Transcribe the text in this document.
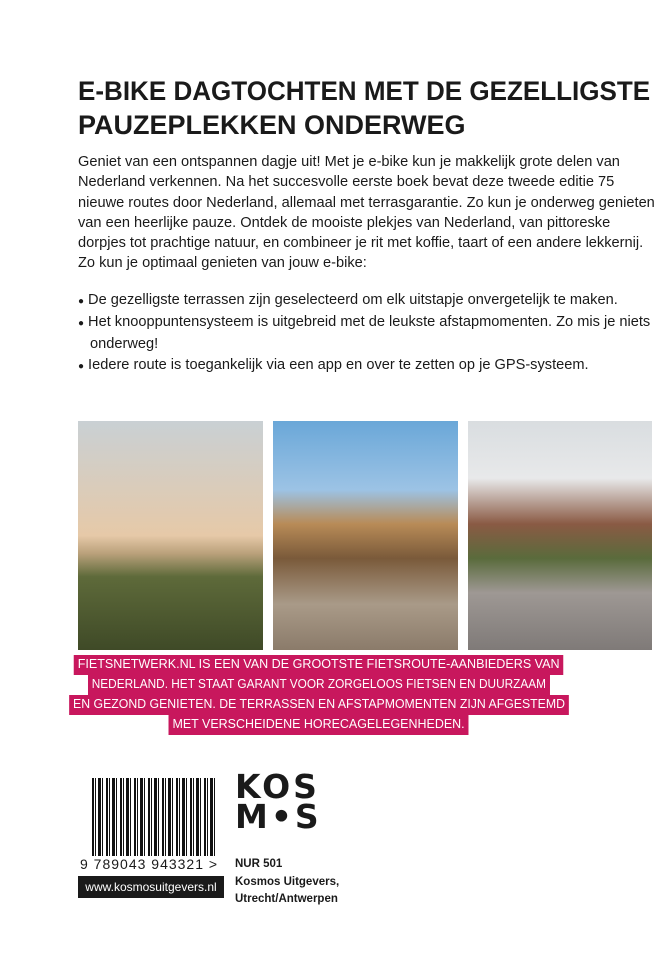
E-BIKE DAGTOCHTEN MET DE GEZELLIGSTE
PAUZEPLEKKEN ONDERWEG

Geniet van een ontspannen dagje uit! Met je e-bike kun je makkelijk grote delen van Nederland verkennen. Na het succesvolle eerste boek bevat deze tweede editie 75 nieuwe routes door Nederland, allemaal met terrasgarantie. Zo kun je onderweg genieten van een heerlijke pauze. Ontdek de mooiste plekjes van Nederland, van pittoreske dorpjes tot prachtige natuur, en combineer je rit met koffie, taart of een andere lekkernij. Zo kun je optimaal genieten van jouw e-bike:

● De gezelligste terrassen zijn geselecteerd om elk uitstapje onvergetelijk te maken.
● Het knooppuntensysteem is uitgebreid met de leukste afstapmomenten. Zo mis je niets onderweg!
● Iedere route is toegankelijk via een app en over te zetten op je GPS-systeem.
FIETSNETWERK.NL IS EEN VAN DE GROOTSTE FIETSROUTE-AANBIEDERS VAN
NEDERLAND. HET STAAT GARANT VOOR ZORGELOOS FIETSEN EN DUURZAAM
EN GEZOND GENIETEN. DE TERRASSEN EN AFSTAPMOMENTEN ZIJN AFGESTEMD
MET VERSCHEIDENE HORECAGELEGENHEDEN.
9 789043 943321 >
www.kosmosuitgevers.nl
KOS
M•S
NUR 501
Kosmos Uitgevers,
Utrecht/Antwerpen
